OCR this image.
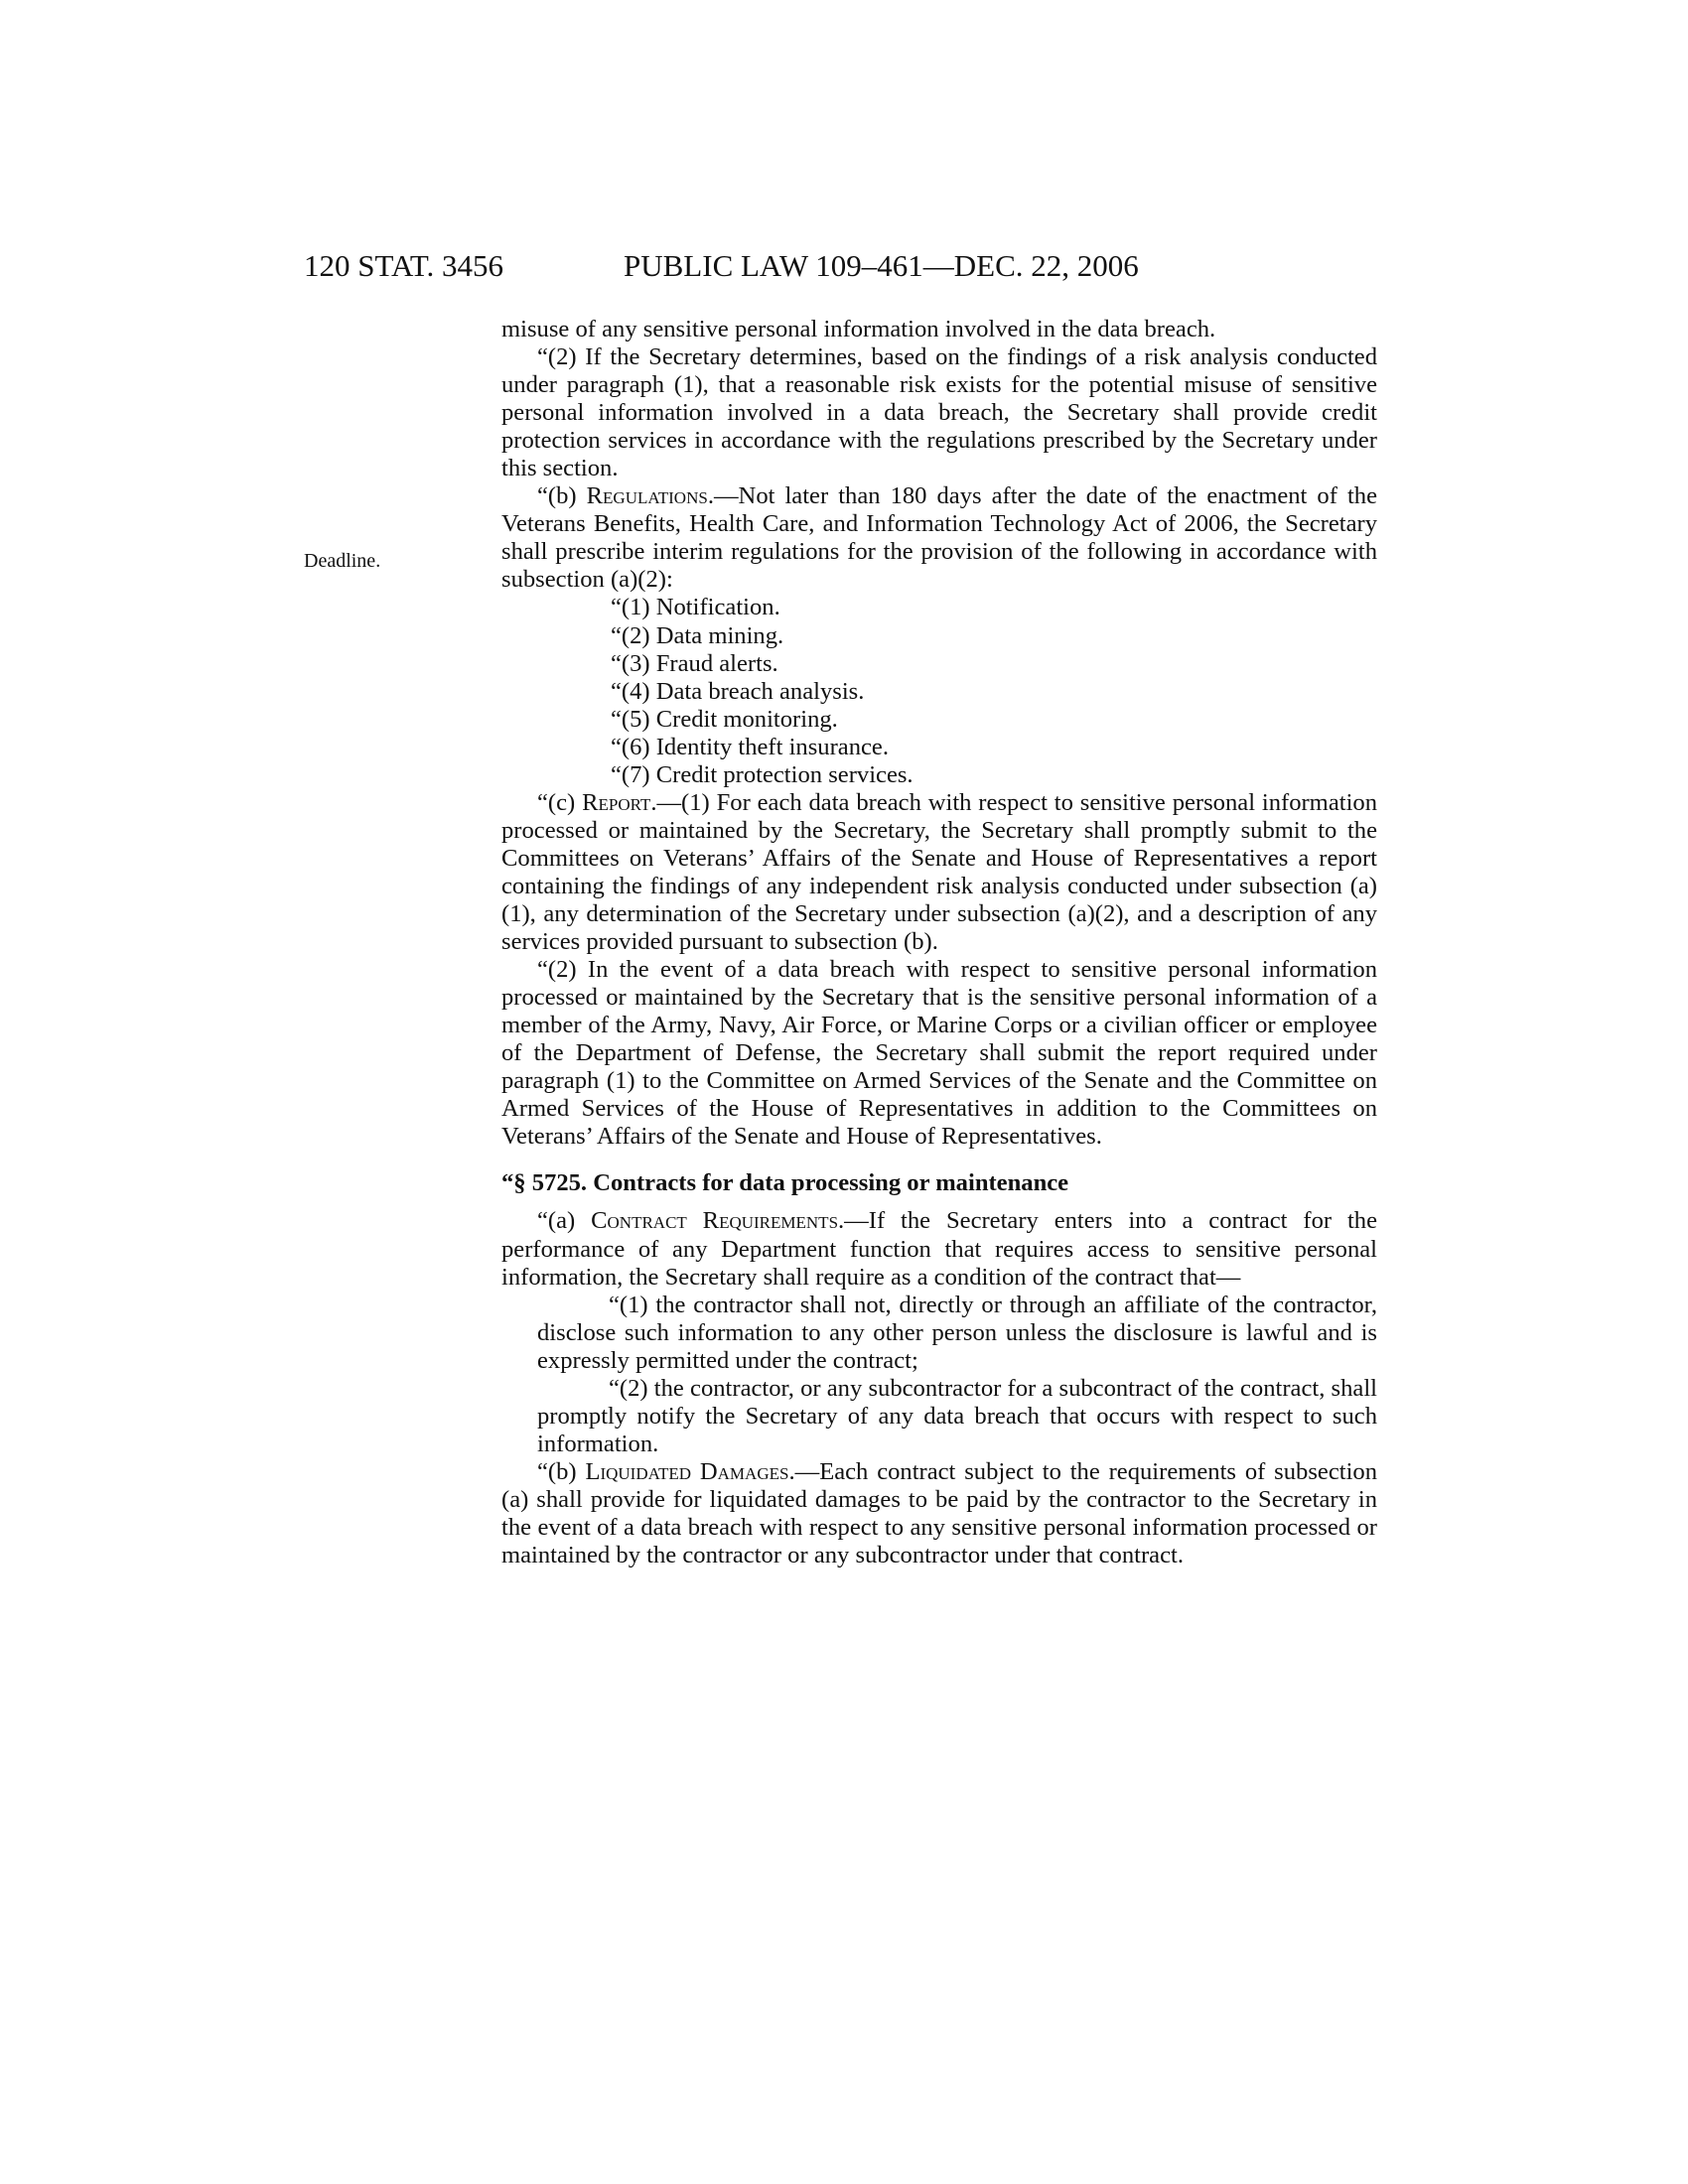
120 STAT. 3456	PUBLIC LAW 109–461—DEC. 22, 2006
Deadline.

misuse of any sensitive personal information involved in the data breach.

“(2) If the Secretary determines, based on the findings of a risk analysis conducted under paragraph (1), that a reasonable risk exists for the potential misuse of sensitive personal information involved in a data breach, the Secretary shall provide credit protection services in accordance with the regulations prescribed by the Secretary under this section.

“(b) Regulations.—Not later than 180 days after the date of the enactment of the Veterans Benefits, Health Care, and Information Technology Act of 2006, the Secretary shall prescribe interim regulations for the provision of the following in accordance with subsection (a)(2):

“(1) Notification.

“(2) Data mining.

“(3) Fraud alerts.

“(4) Data breach analysis.

“(5) Credit monitoring.

“(6) Identity theft insurance.

“(7) Credit protection services.

“(c) Report.—(1) For each data breach with respect to sensitive personal information processed or maintained by the Secretary, the Secretary shall promptly submit to the Committees on Veterans’ Affairs of the Senate and House of Representatives a report containing the findings of any independent risk analysis conducted under subsection (a)(1), any determination of the Secretary under subsection (a)(2), and a description of any services provided pursuant to subsection (b).

“(2) In the event of a data breach with respect to sensitive personal information processed or maintained by the Secretary that is the sensitive personal information of a member of the Army, Navy, Air Force, or Marine Corps or a civilian officer or employee of the Department of Defense, the Secretary shall submit the report required under paragraph (1) to the Committee on Armed Services of the Senate and the Committee on Armed Services of the House of Representatives in addition to the Committees on Veterans’ Affairs of the Senate and House of Representatives.

“§ 5725. Contracts for data processing or maintenance

“(a) Contract Requirements.—If the Secretary enters into a contract for the performance of any Department function that requires access to sensitive personal information, the Secretary shall require as a condition of the contract that—

“(1) the contractor shall not, directly or through an affiliate of the contractor, disclose such information to any other person unless the disclosure is lawful and is expressly permitted under the contract;

“(2) the contractor, or any subcontractor for a subcontract of the contract, shall promptly notify the Secretary of any data breach that occurs with respect to such information.

“(b) Liquidated Damages.—Each contract subject to the requirements of subsection (a) shall provide for liquidated damages to be paid by the contractor to the Secretary in the event of a data breach with respect to any sensitive personal information processed or maintained by the contractor or any subcontractor under that contract.
